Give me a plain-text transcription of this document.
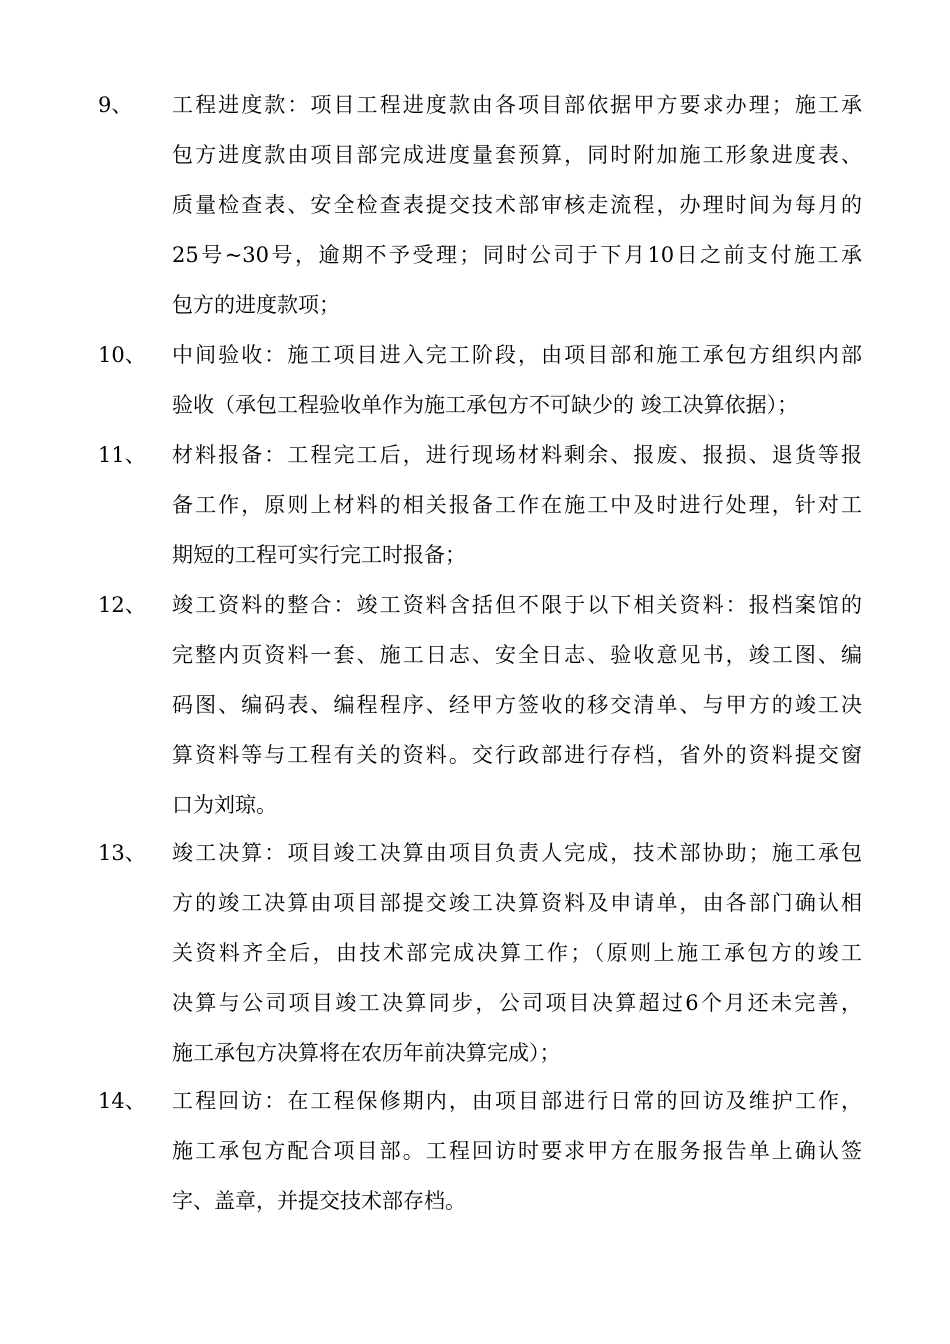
9、 工程进度款：项目工程进度款由各项目部依据甲方要求办理；施工承
包方进度款由项目部完成进度量套预算，同时附加施工形象进度表、
质量检查表、安全检查表提交技术部审核走流程，办理时间为每月的
25号~30号，逾期不予受理；同时公司于下月10日之前支付施工承
包方的进度款项；
10、 中间验收：施工项目进入完工阶段，由项目部和施工承包方组织内部
验收（承包工程验收单作为施工承包方不可缺少的 竣工决算依据）；
11、 材料报备：工程完工后，进行现场材料剩余、报废、报损、退货等报
备工作，原则上材料的相关报备工作在施工中及时进行处理，针对工
期短的工程可实行完工时报备；
12、 竣工资料的整合：竣工资料含括但不限于以下相关资料：报档案馆的
完整内页资料一套、施工日志、安全日志、验收意见书，竣工图、编
码图、编码表、编程程序、经甲方签收的移交清单、与甲方的竣工决
算资料等与工程有关的资料。交行政部进行存档，省外的资料提交窗
口为刘琼。
13、 竣工决算：项目竣工决算由项目负责人完成，技术部协助；施工承包
方的竣工决算由项目部提交竣工决算资料及申请单，由各部门确认相
关资料齐全后，由技术部完成决算工作；（原则上施工承包方的竣工
决算与公司项目竣工决算同步，公司项目决算超过6个月还未完善，
施工承包方决算将在农历年前决算完成）；
14、 工程回访：在工程保修期内，由项目部进行日常的回访及维护工作，
施工承包方配合项目部。工程回访时要求甲方在服务报告单上确认签
字、盖章，并提交技术部存档。
